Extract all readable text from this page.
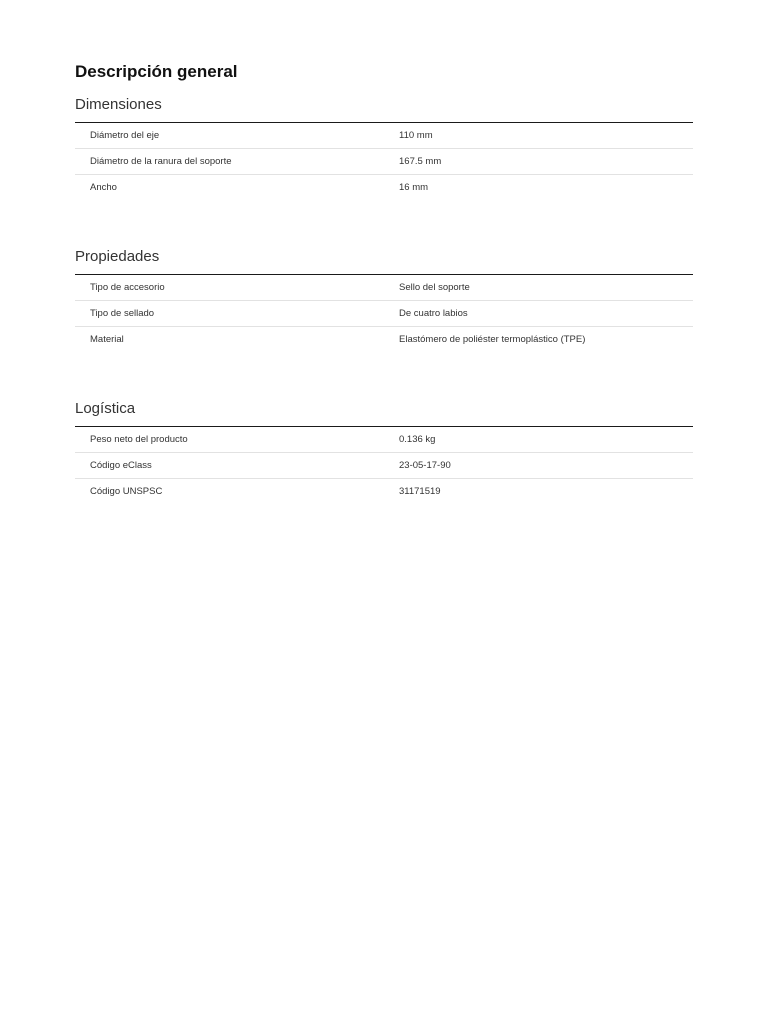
Descripción general
Dimensiones
Diámetro del eje	110 mm
Diámetro de la ranura del soporte	167.5 mm
Ancho	16 mm
Propiedades
Tipo de accesorio	Sello del soporte
Tipo de sellado	De cuatro labios
Material	Elastómero de poliéster termoplástico (TPE)
Logística
Peso neto del producto	0.136 kg
Código eClass	23-05-17-90
Código UNSPSC	31171519
